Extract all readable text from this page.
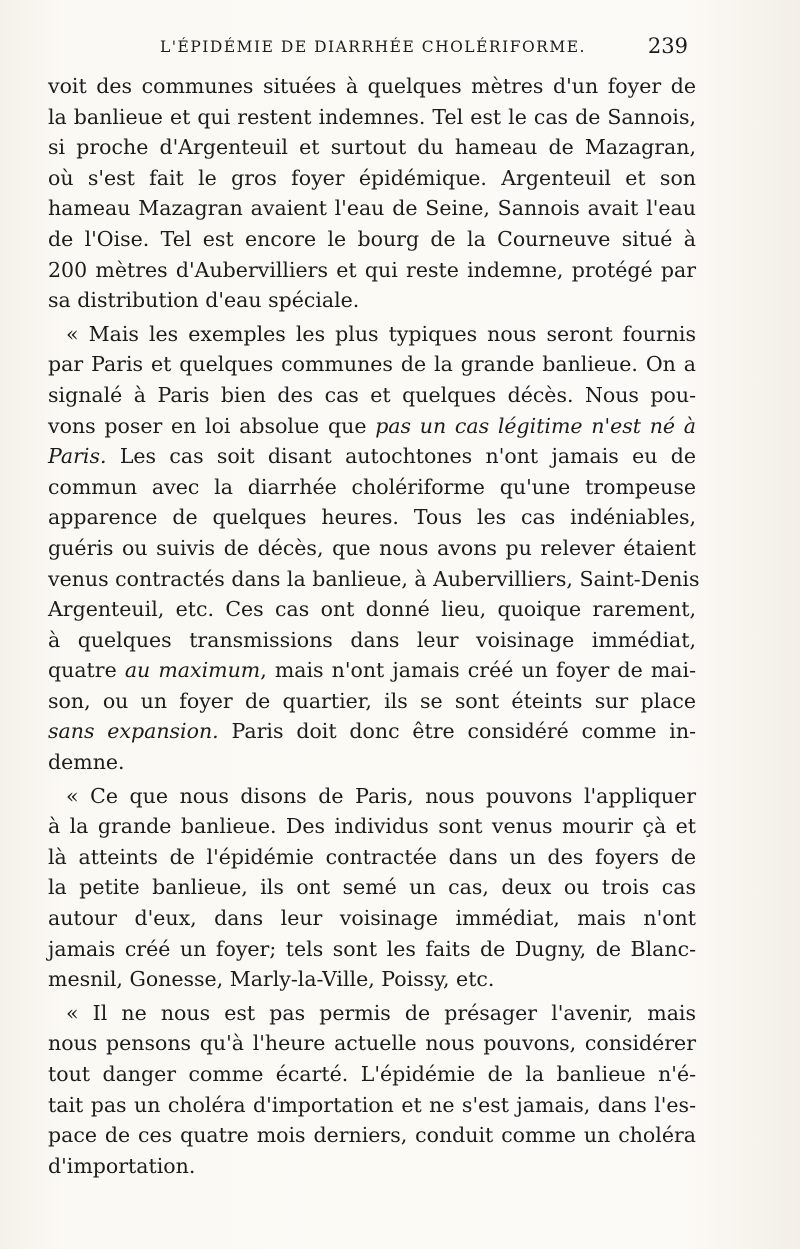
L'ÉPIDÉMIE DE DIARRHÉE CHOLÉRIFORME.	239
voit des communes situées à quelques mètres d'un foyer de
la banlieue et qui restent indemnes. Tel est le cas de Sannois,
si proche d'Argenteuil et surtout du hameau de Mazagran,
où s'est fait le gros foyer épidémique. Argenteuil et son
hameau Mazagran avaient l'eau de Seine, Sannois avait l'eau
de l'Oise. Tel est encore le bourg de la Courneuve situé à
200 mètres d'Aubervilliers et qui reste indemne, protégé par
sa distribution d'eau spéciale.
« Mais les exemples les plus typiques nous seront fournis
par Paris et quelques communes de la grande banlieue. On a
signalé à Paris bien des cas et quelques décès. Nous pou-
vons poser en loi absolue que pas un cas légitime n'est né à
Paris. Les cas soit disant autochtones n'ont jamais eu de
commun avec la diarrhée cholériforme qu'une trompeuse
apparence de quelques heures. Tous les cas indéniables,
guéris ou suivis de décès, que nous avons pu relever étaient
venus contractés dans la banlieue, à Aubervilliers, Saint-Denis
Argenteuil, etc. Ces cas ont donné lieu, quoique rarement,
à quelques transmissions dans leur voisinage immédiat,
quatre au maximum, mais n'ont jamais créé un foyer de mai-
son, ou un foyer de quartier, ils se sont éteints sur place
sans expansion. Paris doit donc être considéré comme in-
demne.
« Ce que nous disons de Paris, nous pouvons l'appliquer
à la grande banlieue. Des individus sont venus mourir çà et
là atteints de l'épidémie contractée dans un des foyers de
la petite banlieue, ils ont semé un cas, deux ou trois cas
autour d'eux, dans leur voisinage immédiat, mais n'ont
jamais créé un foyer; tels sont les faits de Dugny, de Blanc-
mesnil, Gonesse, Marly-la-Ville, Poissy, etc.
« Il ne nous est pas permis de présager l'avenir, mais
nous pensons qu'à l'heure actuelle nous pouvons, considérer
tout danger comme écarté. L'épidémie de la banlieue n'é-
tait pas un choléra d'importation et ne s'est jamais, dans l'es-
pace de ces quatre mois derniers, conduit comme un choléra
d'importation.
